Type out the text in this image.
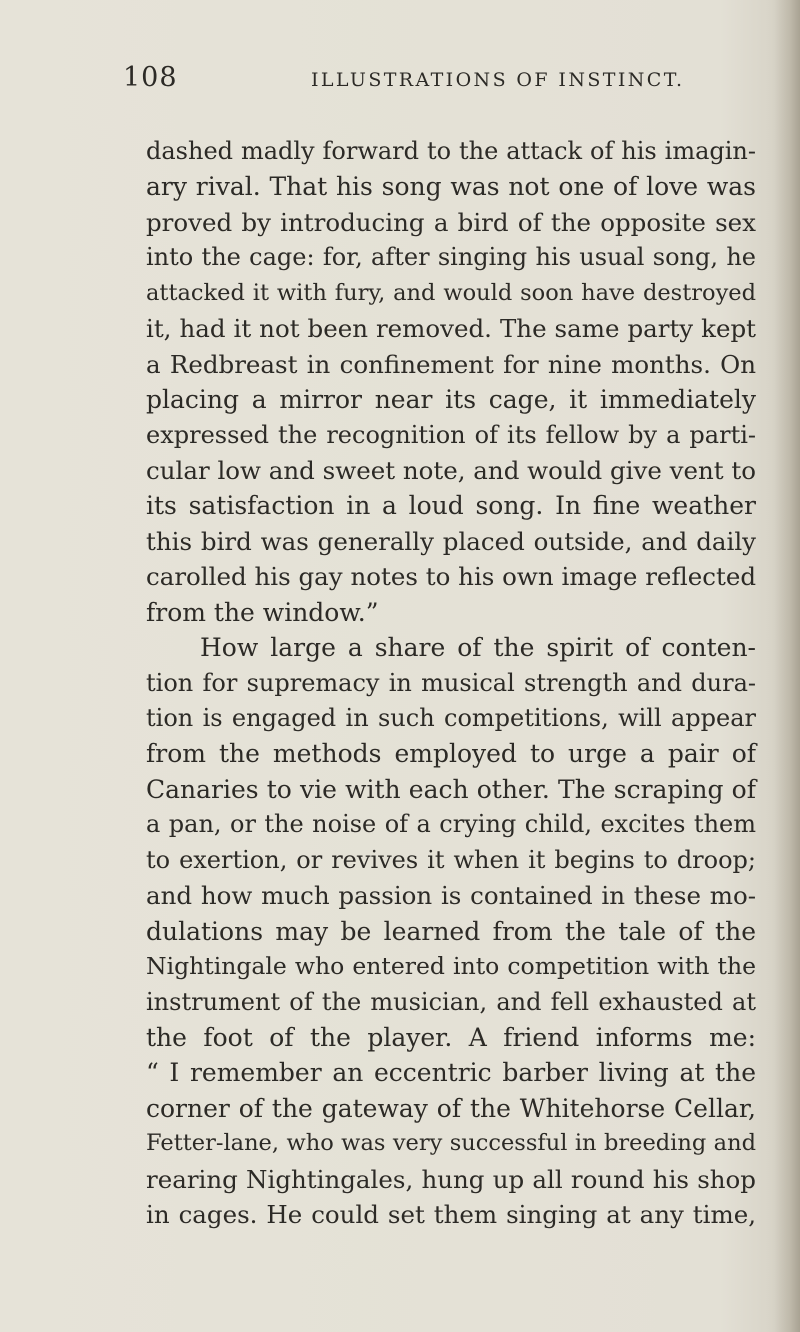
108	ILLUSTRATIONS OF INSTINCT.
dashed madly forward to the attack of his imagin-
ary rival. That his song was not one of love was
proved by introducing a bird of the opposite sex
into the cage: for, after singing his usual song, he
attacked it with fury, and would soon have destroyed
it, had it not been removed. The same party kept
a Redbreast in confinement for nine months. On
placing a mirror near its cage, it immediately
expressed the recognition of its fellow by a parti-
cular low and sweet note, and would give vent to
its satisfaction in a loud song. In fine weather
this bird was generally placed outside, and daily
carolled his gay notes to his own image reflected
from the window.”
How large a share of the spirit of conten-
tion for supremacy in musical strength and dura-
tion is engaged in such competitions, will appear
from the methods employed to urge a pair of
Canaries to vie with each other. The scraping of
a pan, or the noise of a crying child, excites them
to exertion, or revives it when it begins to droop;
and how much passion is contained in these mo-
dulations may be learned from the tale of the
Nightingale who entered into competition with the
instrument of the musician, and fell exhausted at
the foot of the player. A friend informs me:
“ I remember an eccentric barber living at the
corner of the gateway of the Whitehorse Cellar,
Fetter-lane, who was very successful in breeding and
rearing Nightingales, hung up all round his shop
in cages. He could set them singing at any time,
